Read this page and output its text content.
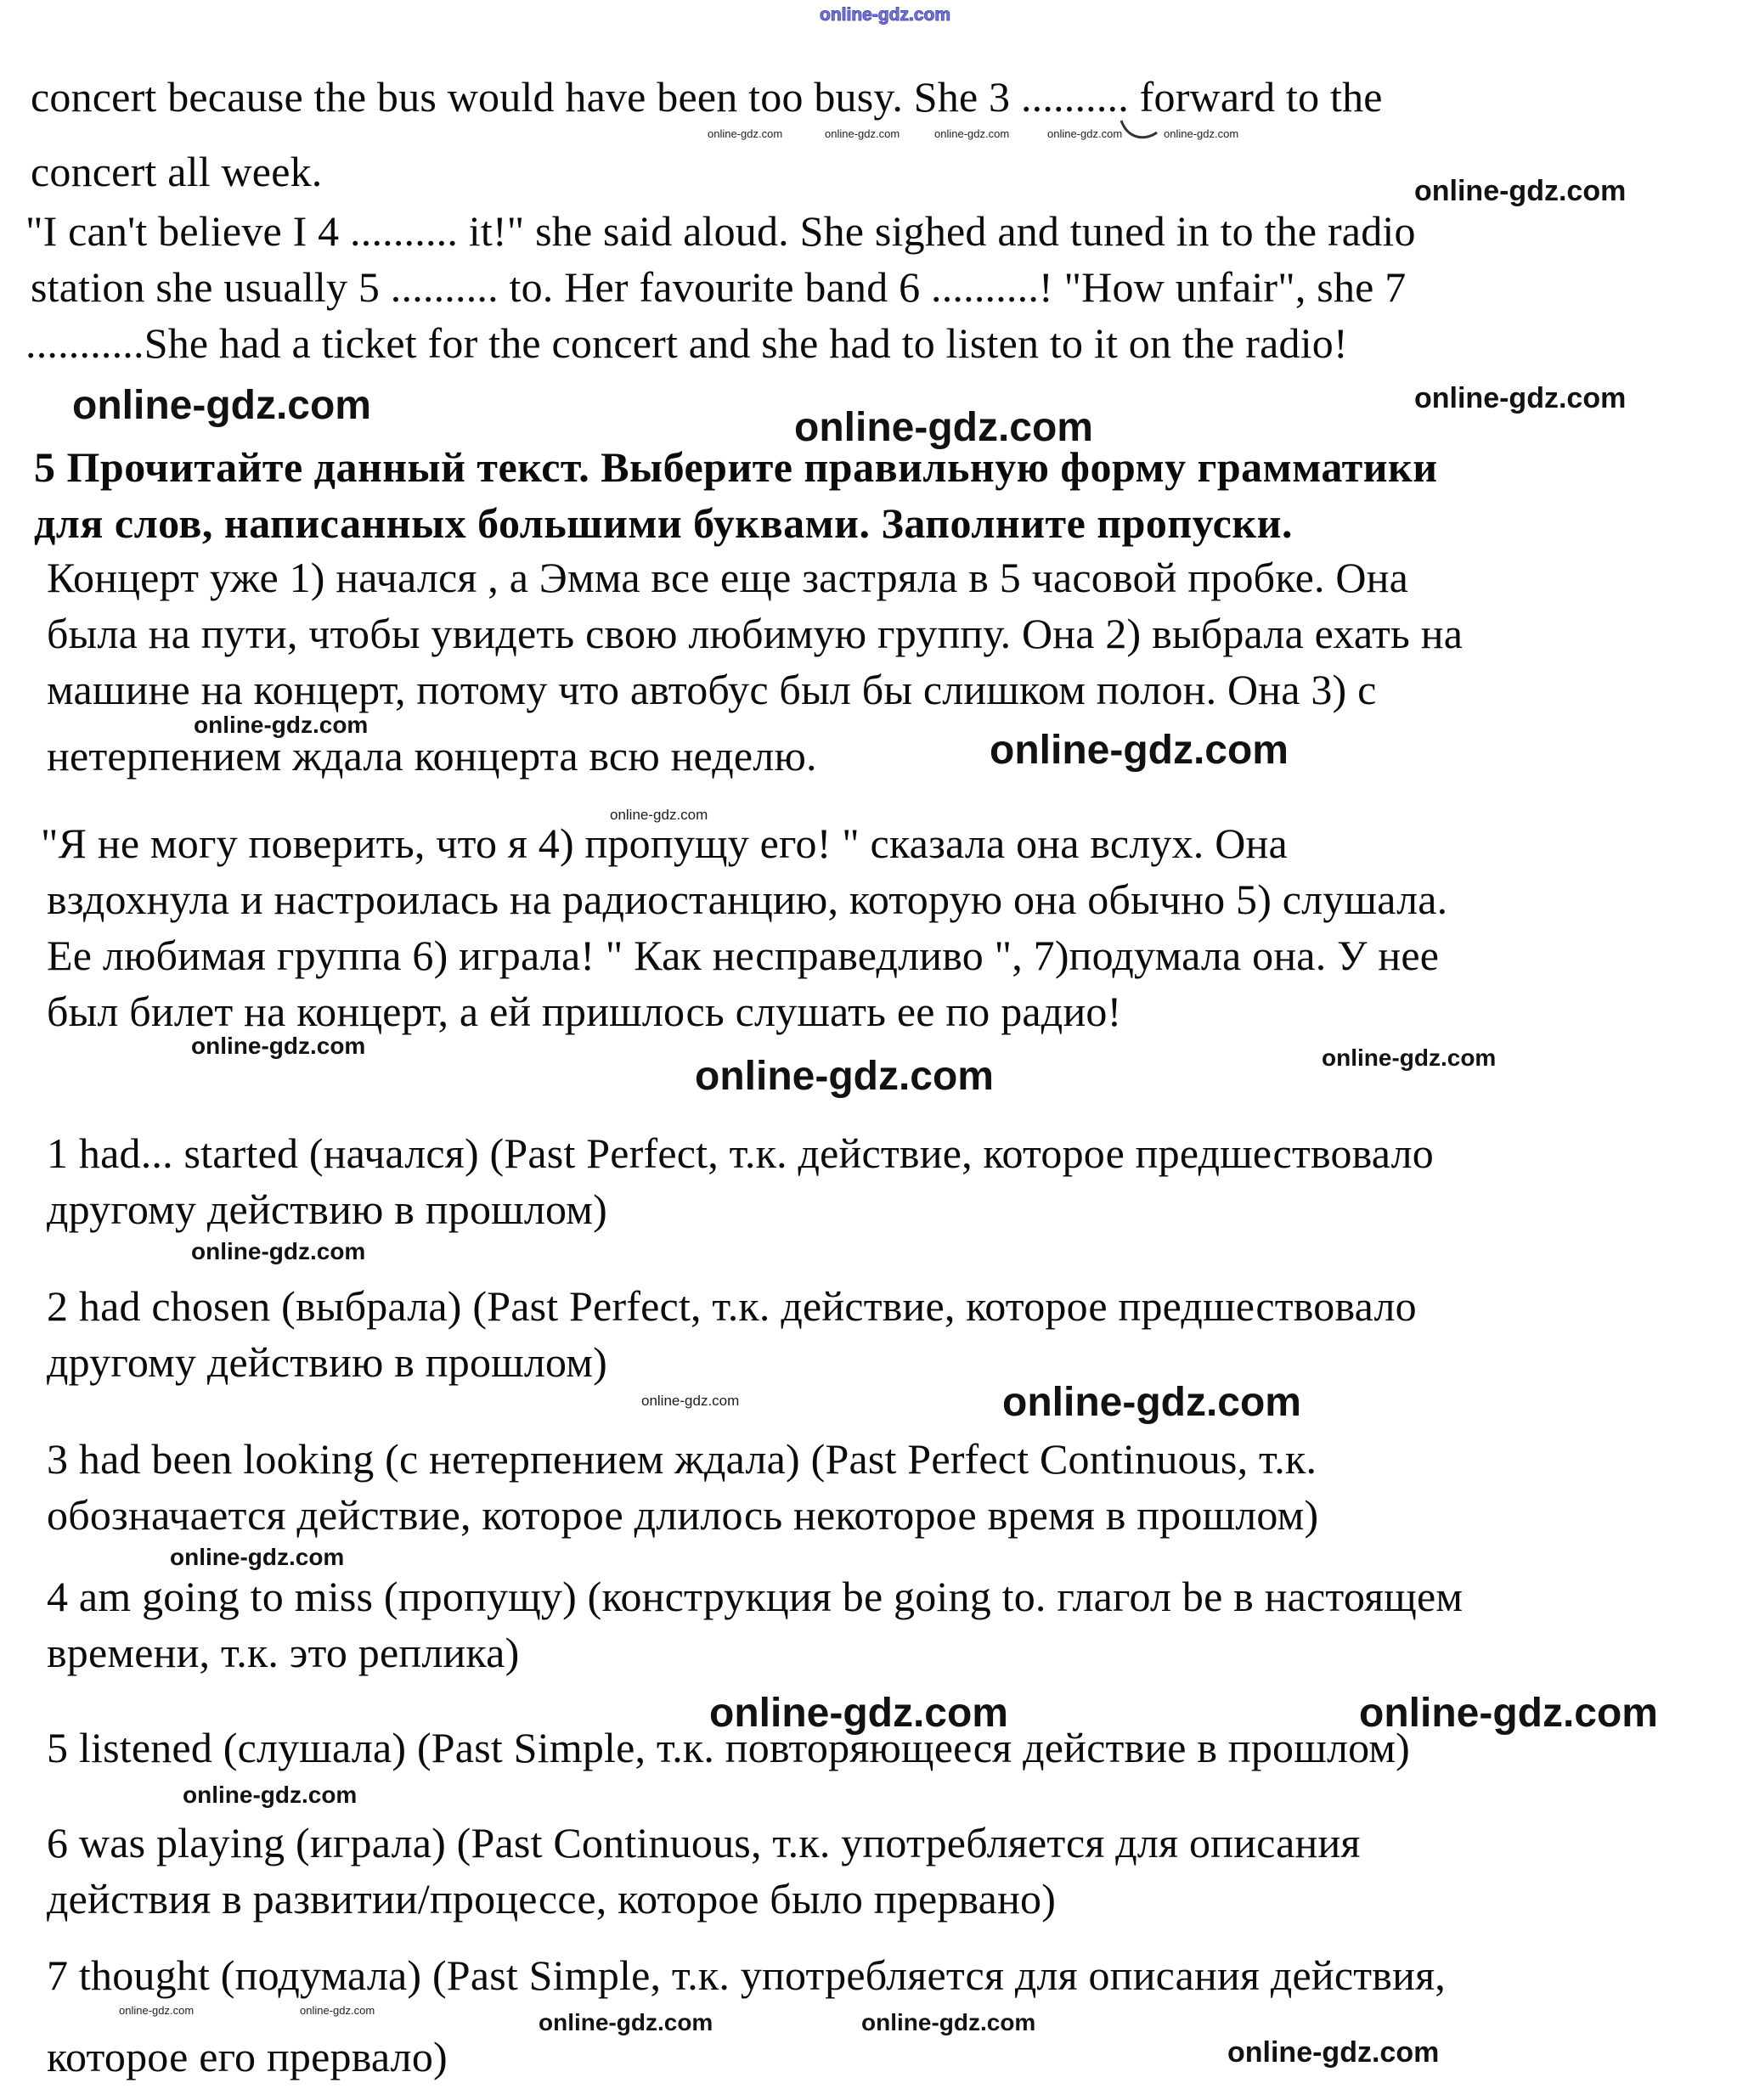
online-gdz.com
online-gdz.com	online-gdz.com	online-gdz.com	online-gdz.com	online-gdz.com
online-gdz.com
online-gdz.com	online-gdz.com
online-gdz.com
online-gdz.com
online-gdz.com
online-gdz.com
online-gdz.com
online-gdz.com	online-gdz.com
online-gdz.com
online-gdz.com	online-gdz.com
online-gdz.com
online-gdz.com	online-gdz.com
online-gdz.com
online-gdz.com	online-gdz.com	online-gdz.com	online-gdz.com
online-gdz.com
concert because the bus would have been too busy. She 3 .......... forward to the
concert all week.
"I can't believe I 4 .......... it!" she said aloud. She sighed and tuned in to the radio
station she usually 5 .......... to. Her favourite band 6 ..........! "How unfair", she 7
...........She had a ticket for the concert and she had to listen to it on the radio!
5 Прочитайте данный текст. Выберите правильную форму грамматики
для слов, написанных большими буквами. Заполните пропуски.
Концерт уже 1) начался , а Эмма все еще застряла в 5 часовой пробке. Она
была на пути, чтобы увидеть свою любимую группу. Она 2) выбрала ехать на
машине на концерт, потому что автобус был бы слишком полон. Она 3) с
нетерпением ждала концерта всю неделю.
"Я не могу поверить, что я 4) пропущу его! " сказала она вслух. Она
вздохнула и настроилась на радиостанцию, которую она обычно 5) слушала.
Ее любимая группа 6) играла! " Как несправедливо ", 7)подумала она. У нее
был билет на концерт, а ей пришлось слушать ее по радио!
1 had... started (начался) (Past Perfect, т.к. действие, которое предшествовало
другому действию в прошлом)
2 had chosen (выбрала) (Past Perfect, т.к. действие, которое предшествовало
другому действию в прошлом)
3 had been looking (с нетерпением ждала) (Past Perfect Continuous, т.к.
обозначается действие, которое длилось некоторое время в прошлом)
4 am going to miss (пропущу) (конструкция be going to. глагол be в настоящем
времени, т.к. это реплика)
5 listened (слушала) (Past Simple, т.к. повторяющееся действие в прошлом)
6 was playing (играла) (Past Continuous, т.к. употребляется для описания
действия в развитии/процессе, которое было прервано)
7 thought (подумала) (Past Simple, т.к. употребляется для описания действия,
которое его прервало)
